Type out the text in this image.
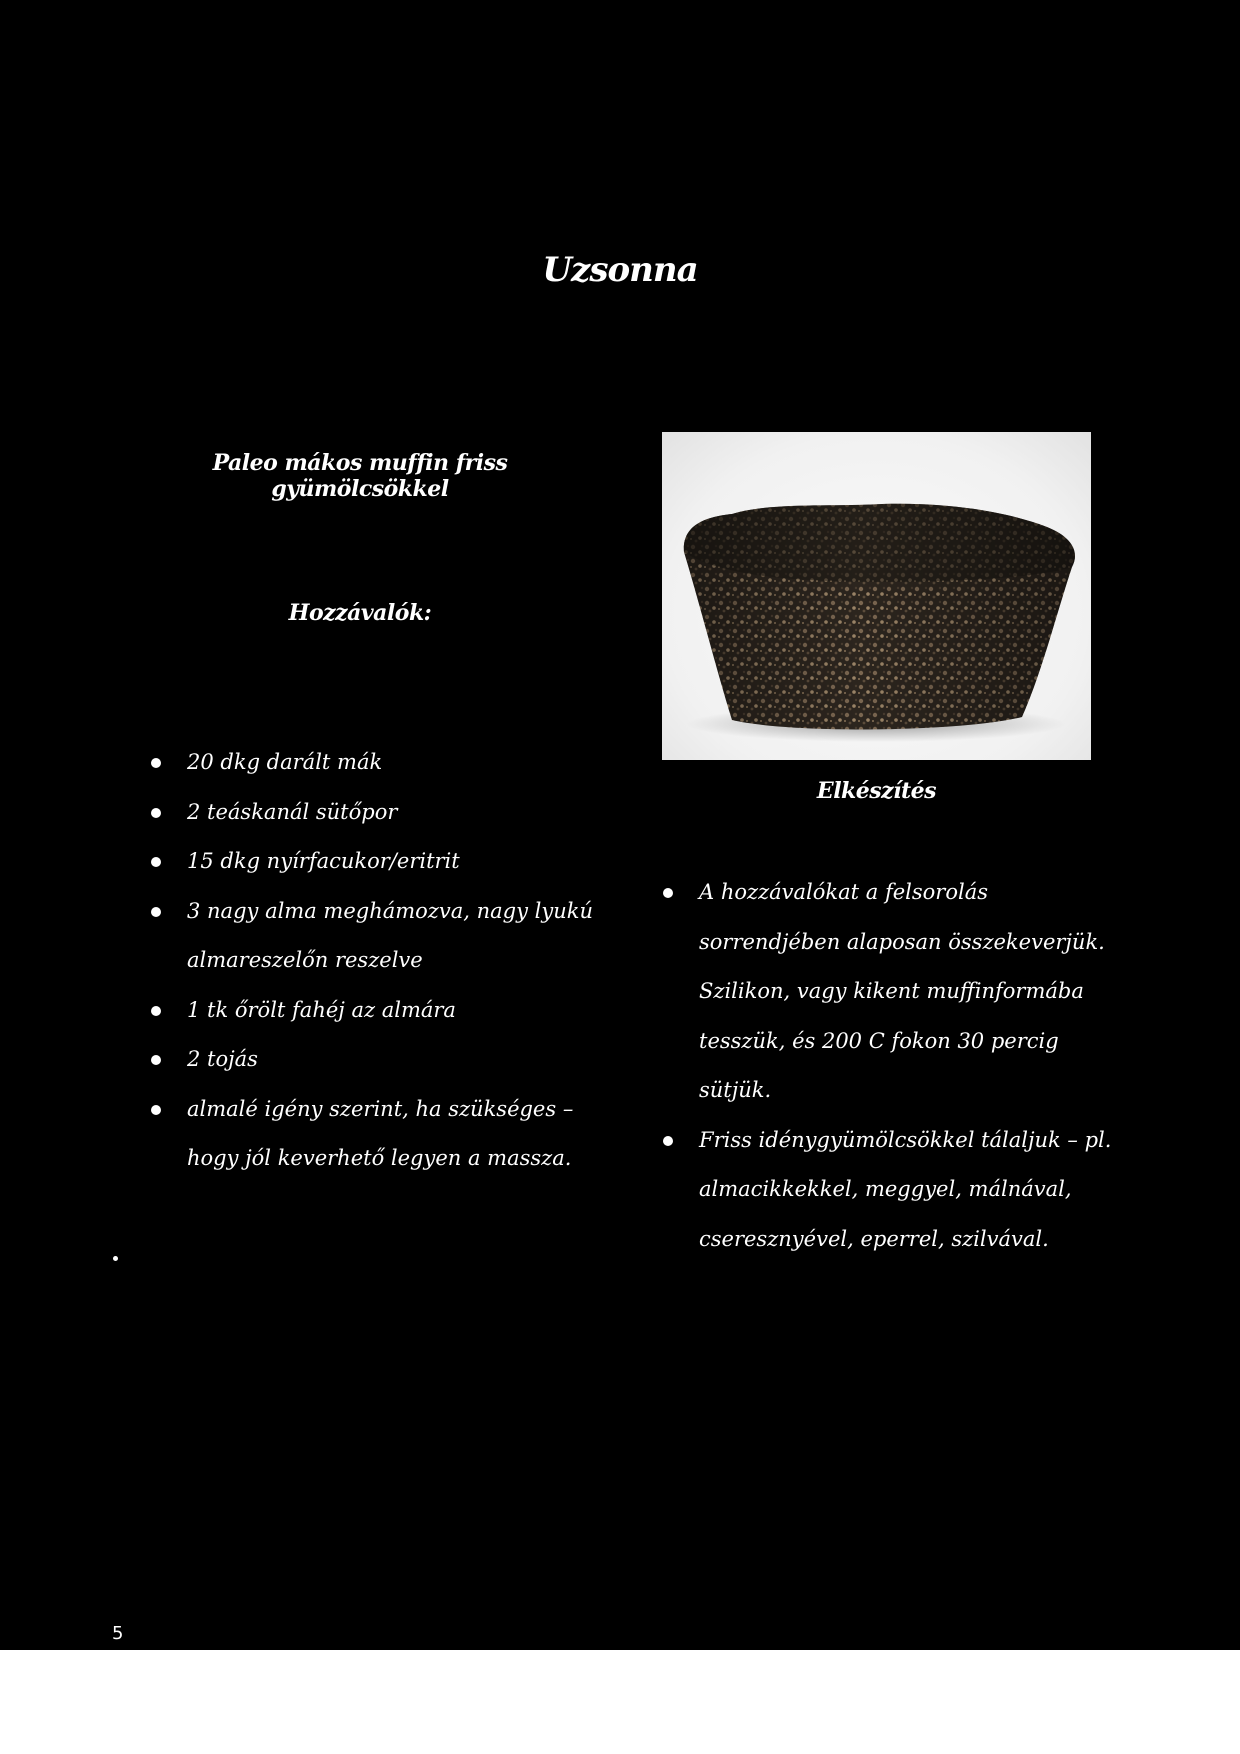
Uzsonna
Paleo mákos muffin friss gyümölcsökkel
Hozzávalók:
20 dkg darált mák
2 teáskanál sütőpor
15 dkg nyírfacukor/eritrit
3 nagy alma meghámozva, nagy lyukú almareszelőn reszelve
1 tk őrölt fahéj az almára
2 tojás
almalé igény szerint, ha szükséges – hogy jól keverhető legyen a massza.
Elkészítés
A hozzávalókat a felsorolás sorrendjében alaposan összekeverjük. Szilikon, vagy kikent muffinformába tesszük, és 200 C fokon 30 percig sütjük.
Friss idénygyümölcsökkel tálaljuk – pl. almacikkekkel, meggyel, málnával, cseresznyével, eperrel, szilvával.
5
